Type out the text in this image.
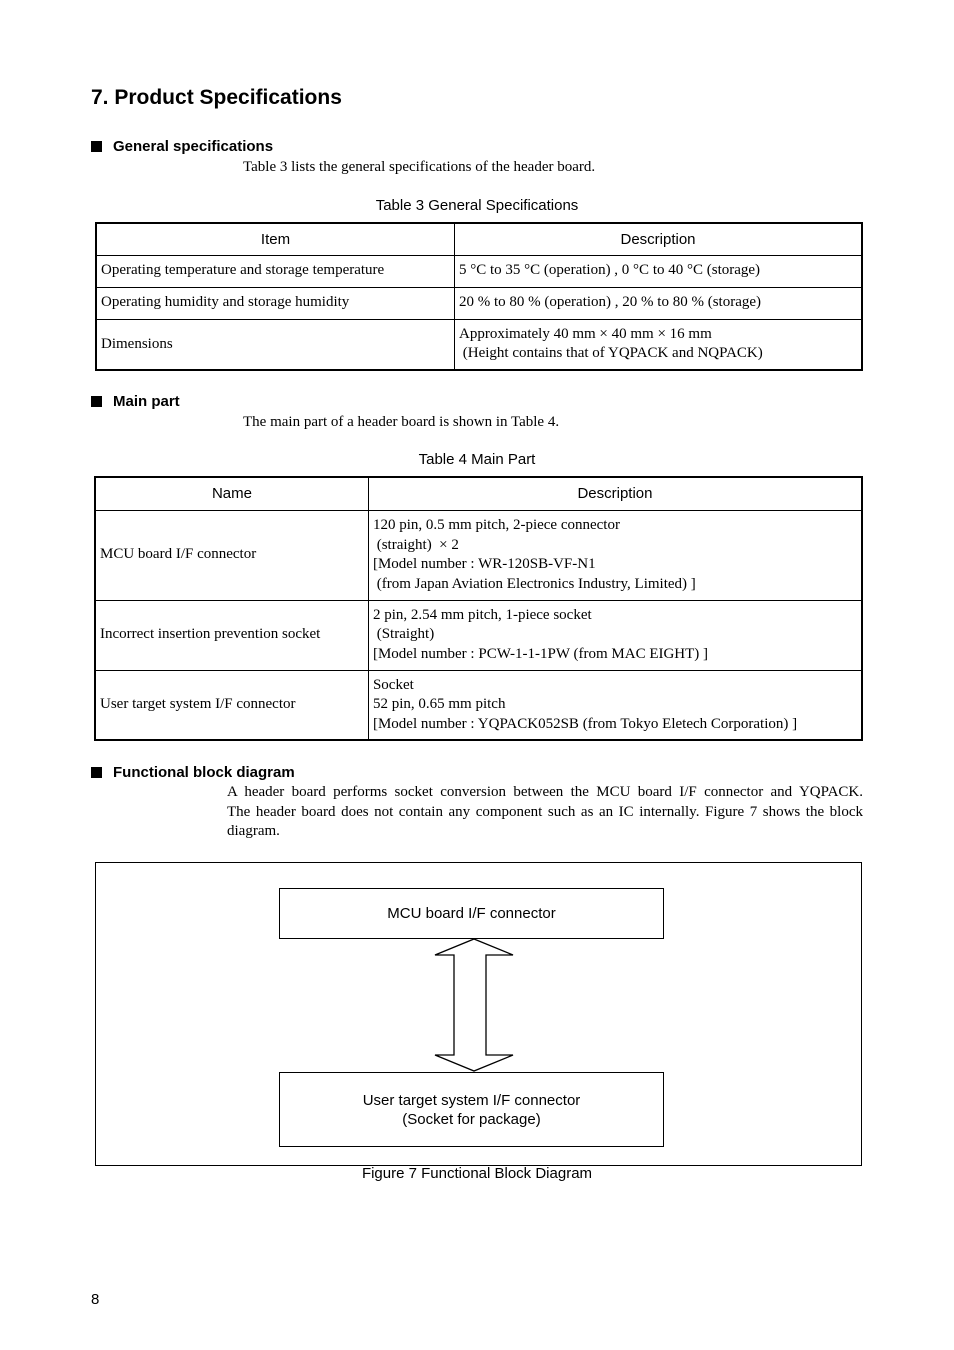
7. Product Specifications
General specifications
Table 3 lists the general specifications of the header board.
Table 3 General Specifications
Item	Description
Operating temperature and storage temperature	5 °C to 35 °C (operation) , 0 °C to 40 °C (storage)
Operating humidity and storage humidity	20 % to 80 % (operation) , 20 % to 80 % (storage)
Dimensions	Approximately 40 mm × 40 mm × 16 mm
(Height contains that of YQPACK and NQPACK)
Main part
The main part of a header board is shown in Table 4.
Table 4 Main Part
Name	Description
MCU board I/F connector	120 pin, 0.5 mm pitch, 2-piece connector
(straight)  × 2
[Model number : WR-120SB-VF-N1
(from Japan Aviation Electronics Industry, Limited) ]

Incorrect insertion prevention socket	2 pin, 2.54 mm pitch, 1-piece socket
(Straight)
[Model number : PCW-1-1-1PW (from MAC EIGHT) ]

User target system I/F connector	Socket
52 pin, 0.65 mm pitch
[Model number : YQPACK052SB (from Tokyo Eletech Corporation) ]
Functional block diagram
A header board performs socket conversion between the MCU board I/F connector and YQPACK.
The header board does not contain any component such as an IC internally. Figure 7 shows the block
diagram.
MCU board I/F connector
User target system I/F connector
(Socket for package)
Figure 7 Functional Block Diagram
8
